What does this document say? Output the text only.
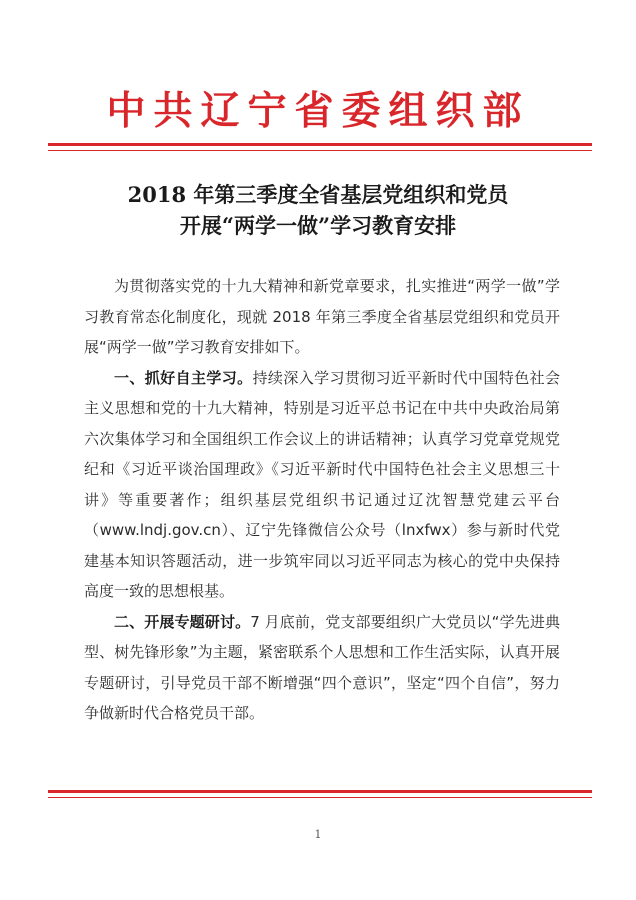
中共辽宁省委组织部
2018 年第三季度全省基层党组织和党员
开展“两学一做”学习教育安排

为贯彻落实党的十九大精神和新党章要求，扎实推进“两学一做”学习教育常态化制度化，现就 2018 年第三季度全省基层党组织和党员开展“两学一做”学习教育安排如下。

一、抓好自主学习。持续深入学习贯彻习近平新时代中国特色社会主义思想和党的十九大精神，特别是习近平总书记在中共中央政治局第六次集体学习和全国组织工作会议上的讲话精神；认真学习党章党规党纪和《习近平谈治国理政》《习近平新时代中国特色社会主义思想三十讲》等重要著作；组织基层党组织书记通过辽沈智慧党建云平台（www.lndj.gov.cn）、辽宁先锋微信公众号（lnxfwx）参与新时代党建基本知识答题活动，进一步筑牢同以习近平同志为核心的党中央保持高度一致的思想根基。

二、开展专题研讨。7 月底前，党支部要组织广大党员以“学先进典型、树先锋形象”为主题，紧密联系个人思想和工作生活实际，认真开展专题研讨，引导党员干部不断增强“四个意识”，坚定“四个自信”，努力争做新时代合格党员干部。

1
